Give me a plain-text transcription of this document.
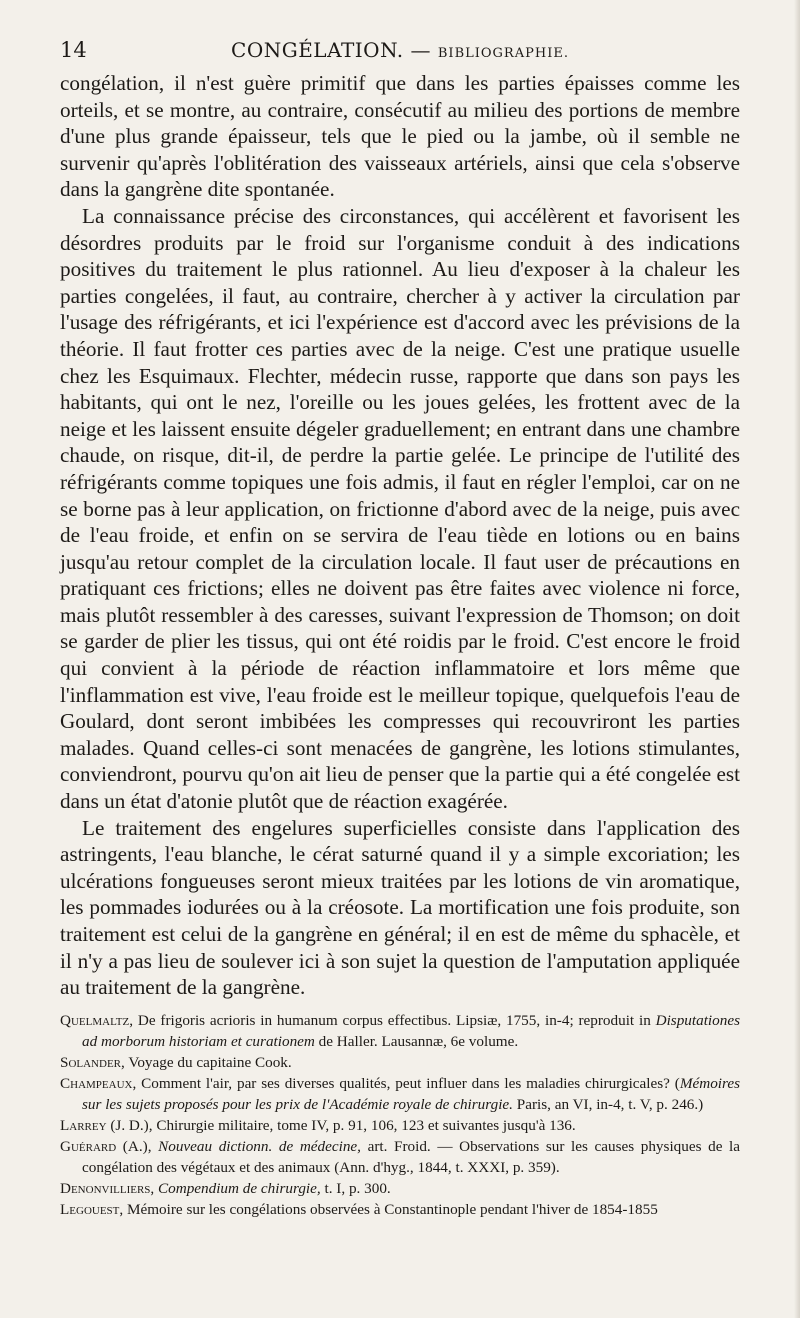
14	CONGÉLATION. — BIBLIOGRAPHIE.

congélation, il n'est guère primitif que dans les parties épaisses comme les orteils, et se montre, au contraire, consécutif au milieu des portions de membre d'une plus grande épaisseur, tels que le pied ou la jambe, où il semble ne survenir qu'après l'oblitération des vaisseaux artériels, ainsi que cela s'observe dans la gangrène dite spontanée.

La connaissance précise des circonstances, qui accélèrent et favorisent les désordres produits par le froid sur l'organisme conduit à des indications positives du traitement le plus rationnel. Au lieu d'exposer à la chaleur les parties congelées, il faut, au contraire, chercher à y activer la circulation par l'usage des réfrigérants, et ici l'expérience est d'accord avec les prévisions de la théorie. Il faut frotter ces parties avec de la neige. C'est une pratique usuelle chez les Esquimaux. Flechter, médecin russe, rapporte que dans son pays les habitants, qui ont le nez, l'oreille ou les joues gelées, les frottent avec de la neige et les laissent ensuite dégeler graduellement; en entrant dans une chambre chaude, on risque, dit-il, de perdre la partie gelée. Le principe de l'utilité des réfrigérants comme topiques une fois admis, il faut en régler l'emploi, car on ne se borne pas à leur application, on frictionne d'abord avec de la neige, puis avec de l'eau froide, et enfin on se servira de l'eau tiède en lotions ou en bains jusqu'au retour complet de la circulation locale. Il faut user de précautions en pratiquant ces frictions; elles ne doivent pas être faites avec violence ni force, mais plutôt ressembler à des caresses, suivant l'expression de Thomson; on doit se garder de plier les tissus, qui ont été roidis par le froid. C'est encore le froid qui convient à la période de réaction inflammatoire et lors même que l'inflammation est vive, l'eau froide est le meilleur topique, quelquefois l'eau de Goulard, dont seront imbibées les compresses qui recouvriront les parties malades. Quand celles-ci sont menacées de gangrène, les lotions stimulantes, conviendront, pourvu qu'on ait lieu de penser que la partie qui a été congelée est dans un état d'atonie plutôt que de réaction exagérée.

Le traitement des engelures superficielles consiste dans l'application des astringents, l'eau blanche, le cérat saturné quand il y a simple excoriation; les ulcérations fongueuses seront mieux traitées par les lotions de vin aromatique, les pommades iodurées ou à la créosote. La mortification une fois produite, son traitement est celui de la gangrène en général; il en est de même du sphacèle, et il n'y a pas lieu de soulever ici à son sujet la question de l'amputation appliquée au traitement de la gangrène.

Quelmaltz, De frigoris acrioris in humanum corpus effectibus. Lipsiæ, 1755, in-4; reproduit in Disputationes ad morborum historiam et curationem de Haller. Lausannæ, 6e volume.

Solander, Voyage du capitaine Cook.

Champeaux, Comment l'air, par ses diverses qualités, peut influer dans les maladies chirurgicales? (Mémoires sur les sujets proposés pour les prix de l'Académie royale de chirurgie. Paris, an VI, in-4, t. V, p. 246.)

Larrey (J. D.), Chirurgie militaire, tome IV, p. 91, 106, 123 et suivantes jusqu'à 136.

Guérard (A.), Nouveau dictionn. de médecine, art. Froid. — Observations sur les causes physiques de la congélation des végétaux et des animaux (Ann. d'hyg., 1844, t. XXXI, p. 359).

Denonvilliers, Compendium de chirurgie, t. I, p. 300.

Legouest, Mémoire sur les congélations observées à Constantinople pendant l'hiver de 1854-1855
